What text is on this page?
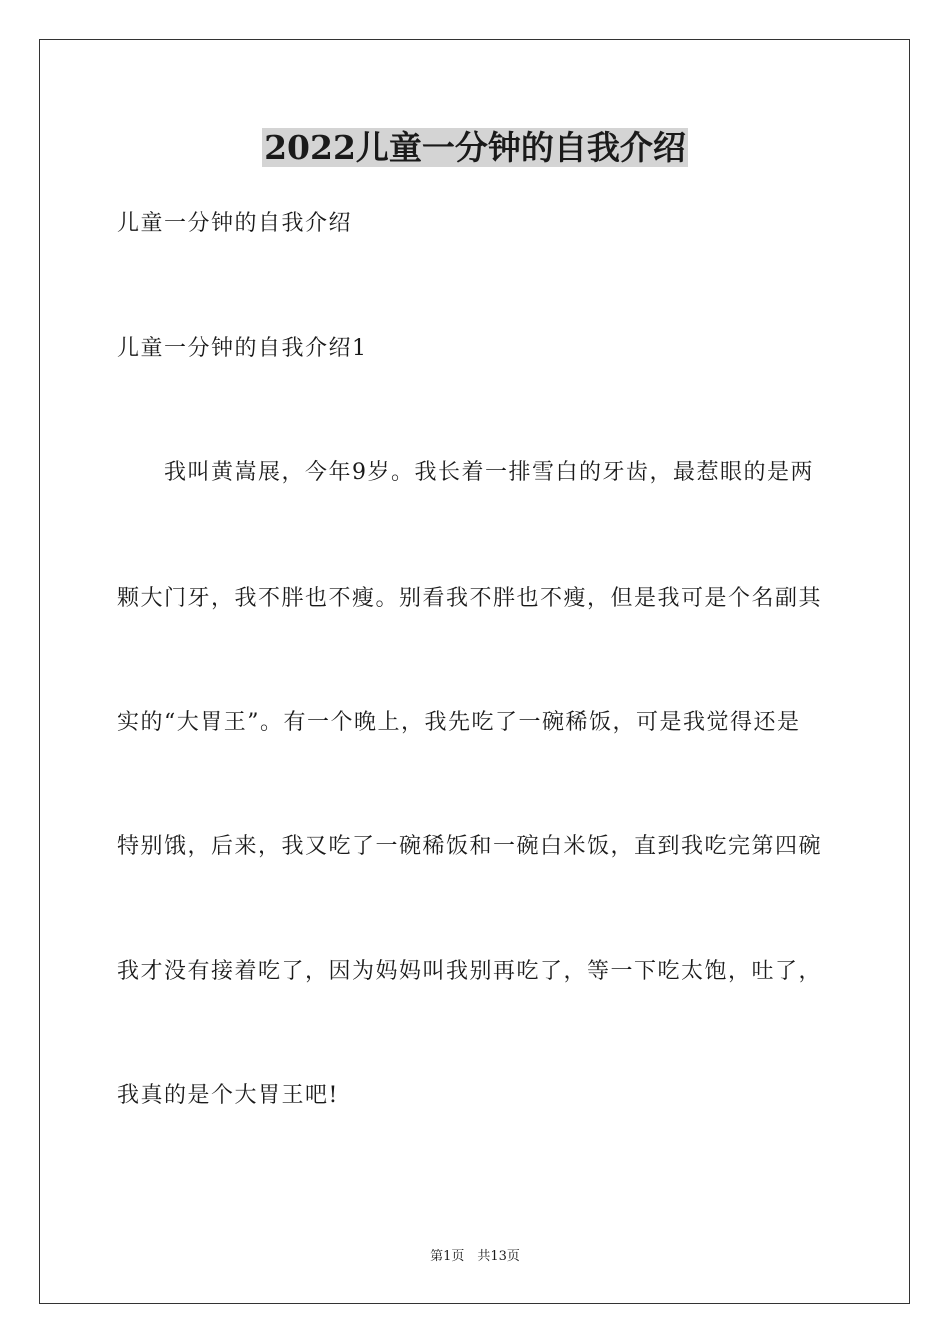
2022儿童一分钟的自我介绍
儿童一分钟的自我介绍
儿童一分钟的自我介绍1
我叫黄嵩展，今年9岁。我长着一排雪白的牙齿，最惹眼的是两
颗大门牙，我不胖也不瘦。别看我不胖也不瘦，但是我可是个名副其
实的“大胃王”。有一个晚上，我先吃了一碗稀饭，可是我觉得还是
特别饿，后来，我又吃了一碗稀饭和一碗白米饭，直到我吃完第四碗
我才没有接着吃了，因为妈妈叫我别再吃了，等一下吃太饱，吐了，
我真的是个大胃王吧!
第1页　共13页
